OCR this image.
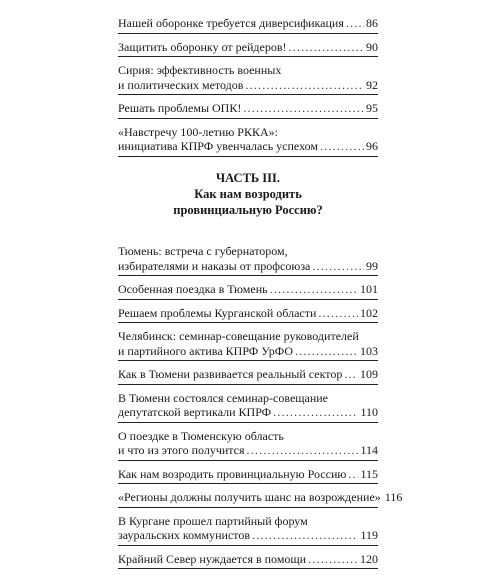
Нашей оборонке требуется диверсификация ..... 86
Защитить оборонку от рейдеров! .....	90
Сирия: эффективность военных
и политических методов .....	92
Решать проблемы ОПК! .....	95
«Навстречу 100-летию РККА»:
инициатива КПРФ увенчалась успехом .....	96
ЧАСТЬ III.
Как нам возродить
провинциальную Россию?
Тюмень: встреча с губернатором,
избирателями и наказы от профсоюза .....	99
Особенная поездка в Тюмень .....	101
Решаем проблемы Курганской области .....	102
Челябинск: семинар-совещание руководителей
и партийного актива КПРФ УрФО .....	103
Как в Тюмени развивается реальный сектор ..... 109
В Тюмени состоялся семинар-совещание
депутатской вертикали КПРФ .....	110
О поездке в Тюменскую область
и что из этого получится .....	114
Как нам возродить провинциальную Россию ..... 115
«Регионы должны получить шанс на возрождение» 116
В Кургане прошел партийный форум
зауральских коммунистов .....	119
Крайний Север нуждается в помощи .....	120
